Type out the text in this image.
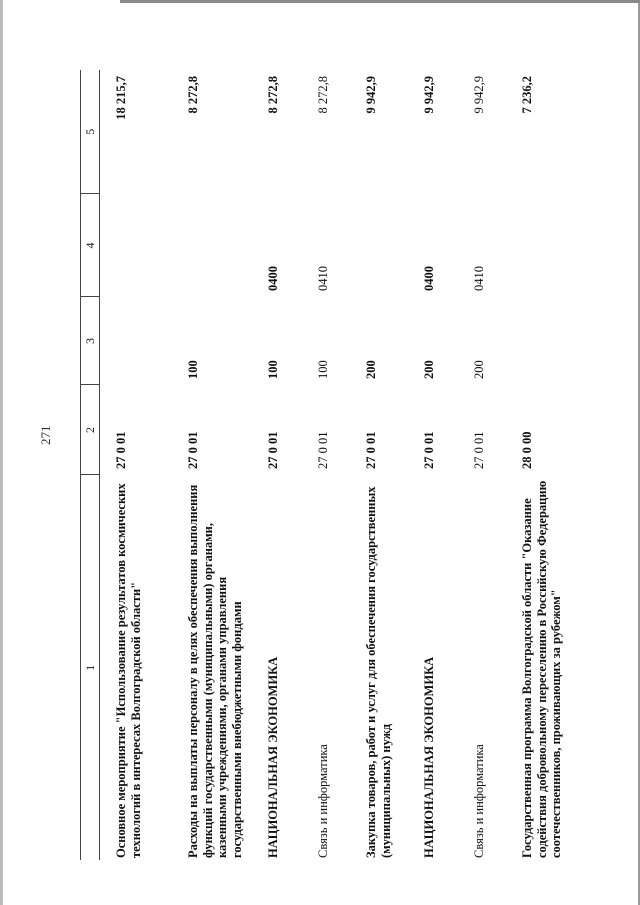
271
1	2	3	4	5

Основное мероприятие "Использование результатов космических технологий в интересах Волгоградской области"	27 0 01			18 215,7
Расходы на выплаты персоналу в целях обеспечения выполнения функций государственными (муниципальными) органами, казенными учреждениями, органами управления государственными внебюджетными фондами	27 0 01	100		8 272,8
НАЦИОНАЛЬНАЯ ЭКОНОМИКА	27 0 01	100	0400	8 272,8
Связь и информатика	27 0 01	100	0410	8 272,8
Закупка товаров, работ и услуг для обеспечения государственных (муниципальных) нужд	27 0 01	200		9 942,9
НАЦИОНАЛЬНАЯ ЭКОНОМИКА	27 0 01	200	0400	9 942,9
Связь и информатика	27 0 01	200	0410	9 942,9
Государственная программа Волгоградской области "Оказание содействия добровольному переселению в Российскую Федерацию соотечественников, проживающих за рубежом"	28 0 00			7 236,2
